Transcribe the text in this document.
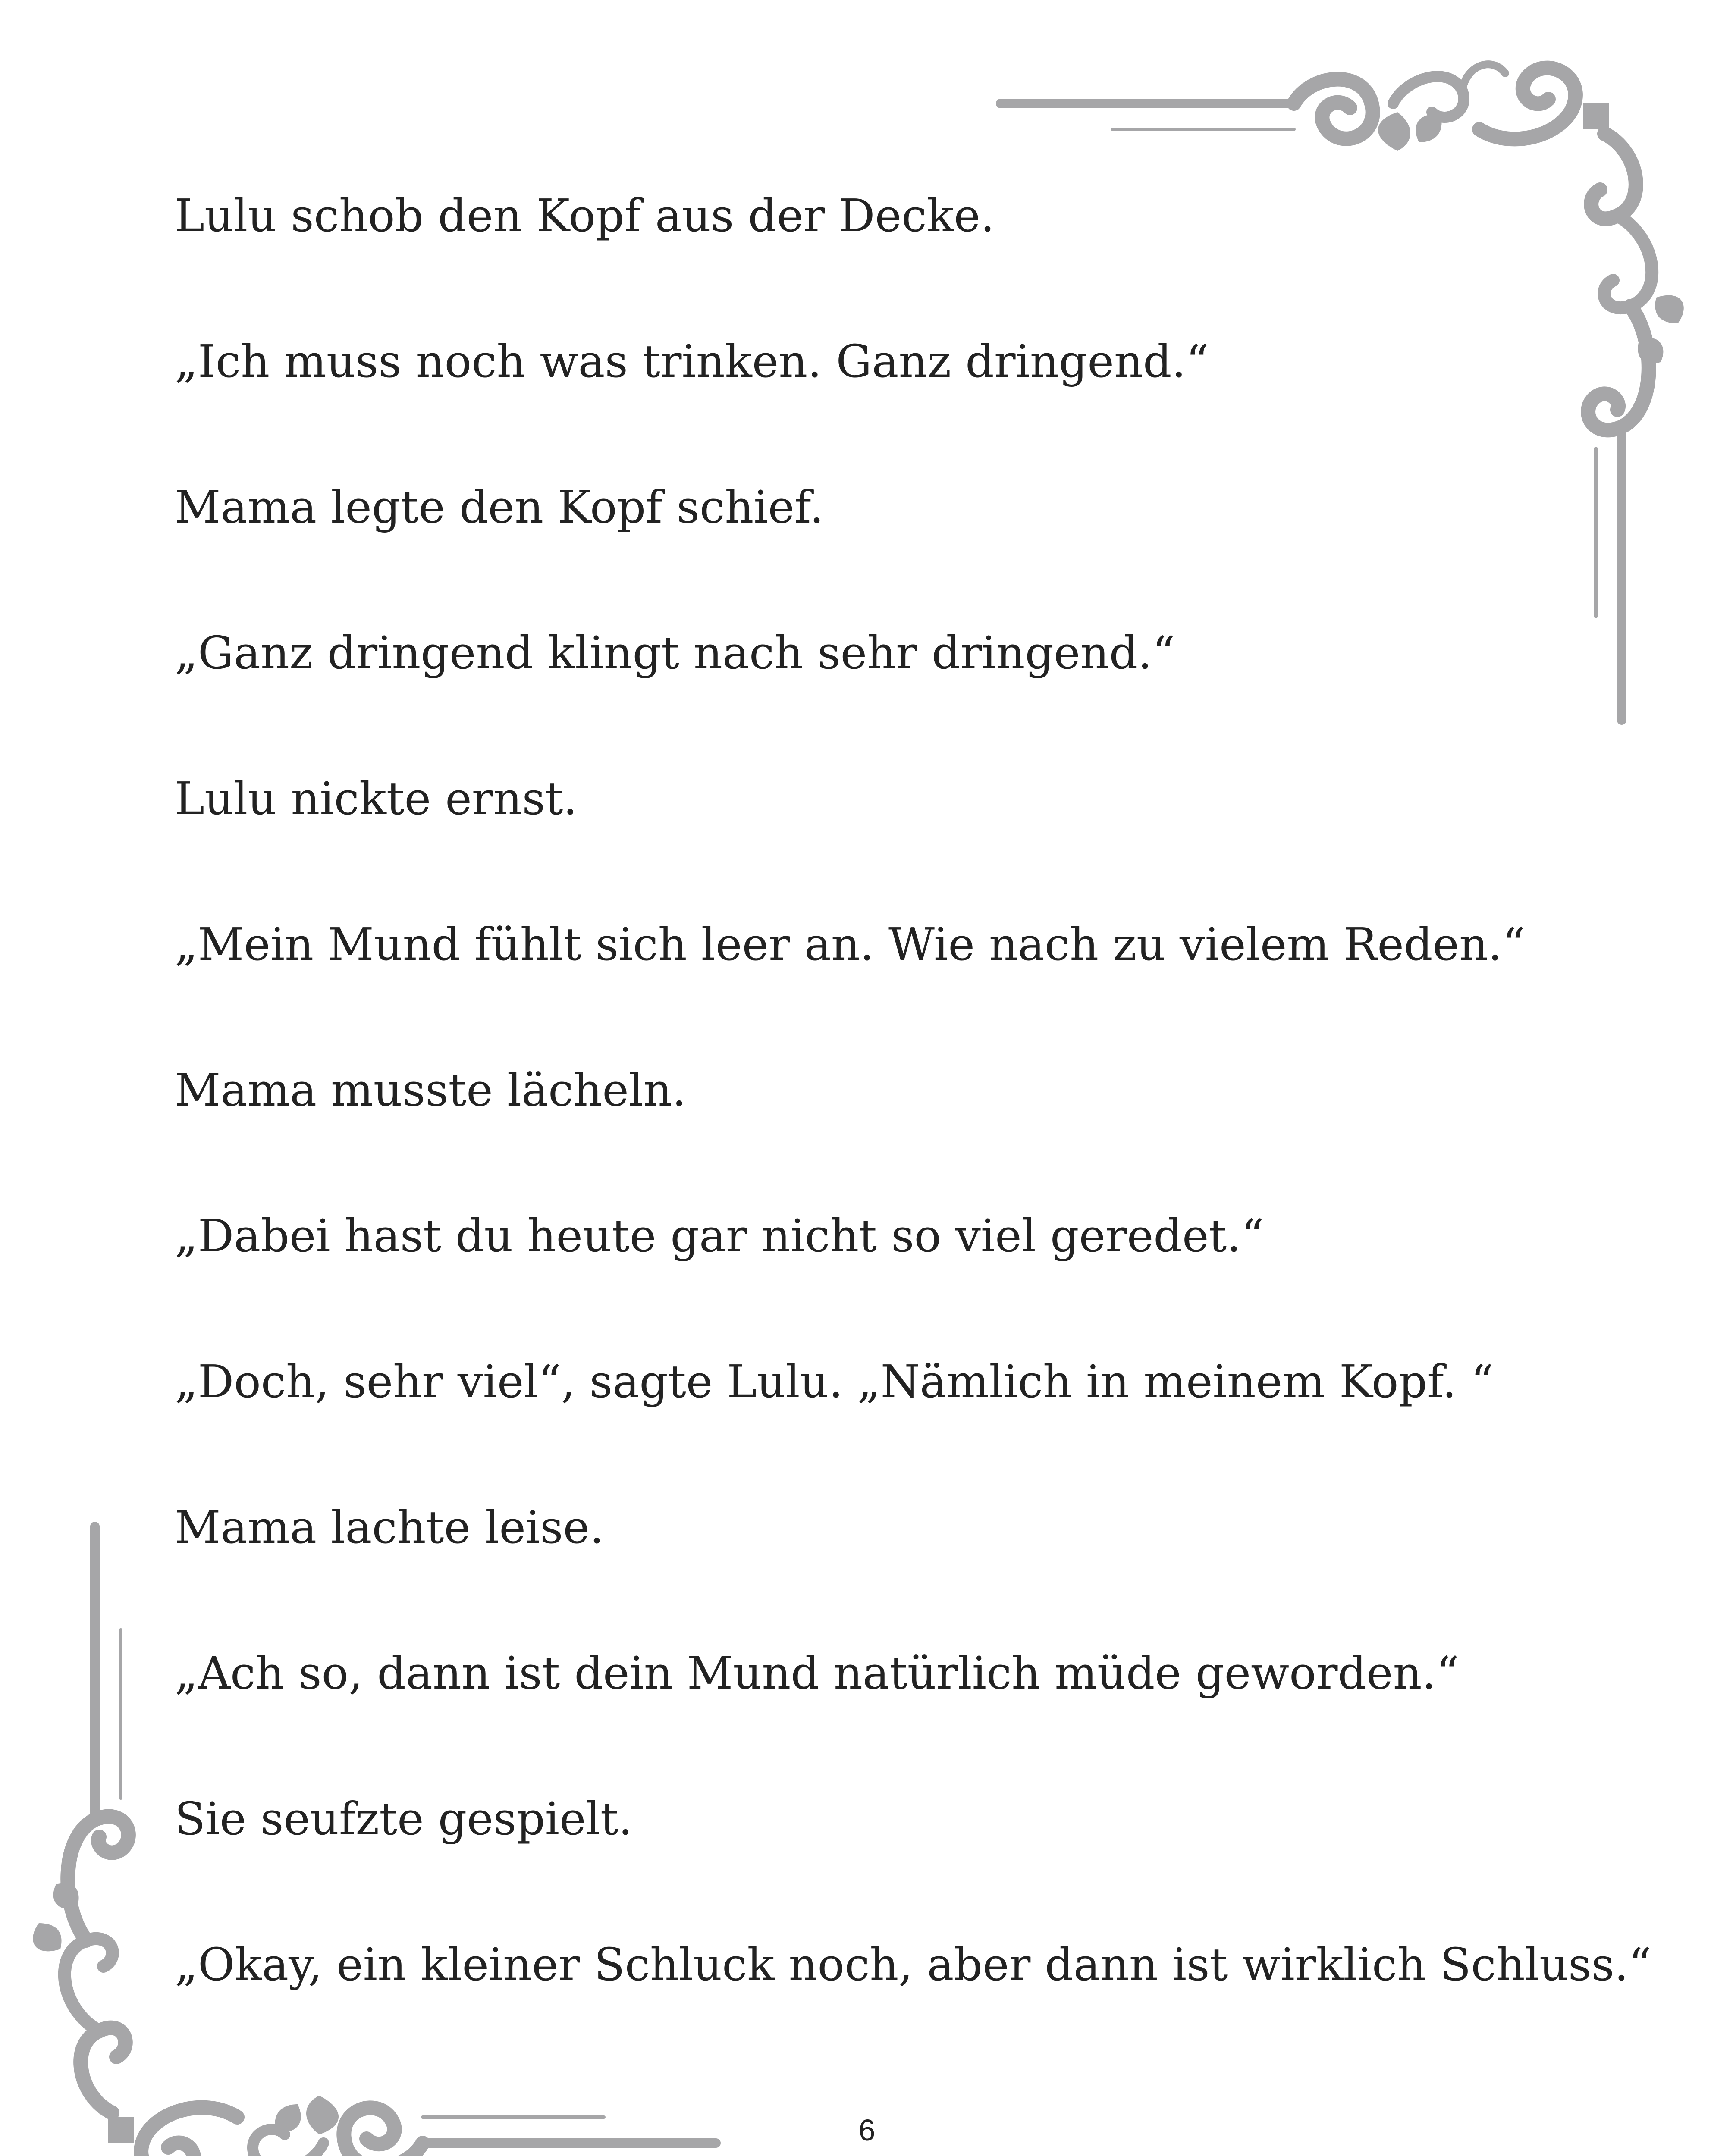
Lulu schob den Kopf aus der Decke.

„Ich muss noch was trinken. Ganz dringend.“

Mama legte den Kopf schief.

„Ganz dringend klingt nach sehr dringend.“

Lulu nickte ernst.

„Mein Mund fühlt sich leer an. Wie nach zu vielem Reden.“

Mama musste lächeln.

„Dabei hast du heute gar nicht so viel geredet.“

„Doch, sehr viel“, sagte Lulu. „Nämlich in meinem Kopf. “

Mama lachte leise.

„Ach so, dann ist dein Mund natürlich müde geworden.“

Sie seufzte gespielt.

„Okay, ein kleiner Schluck noch, aber dann ist wirklich Schluss.“

6
